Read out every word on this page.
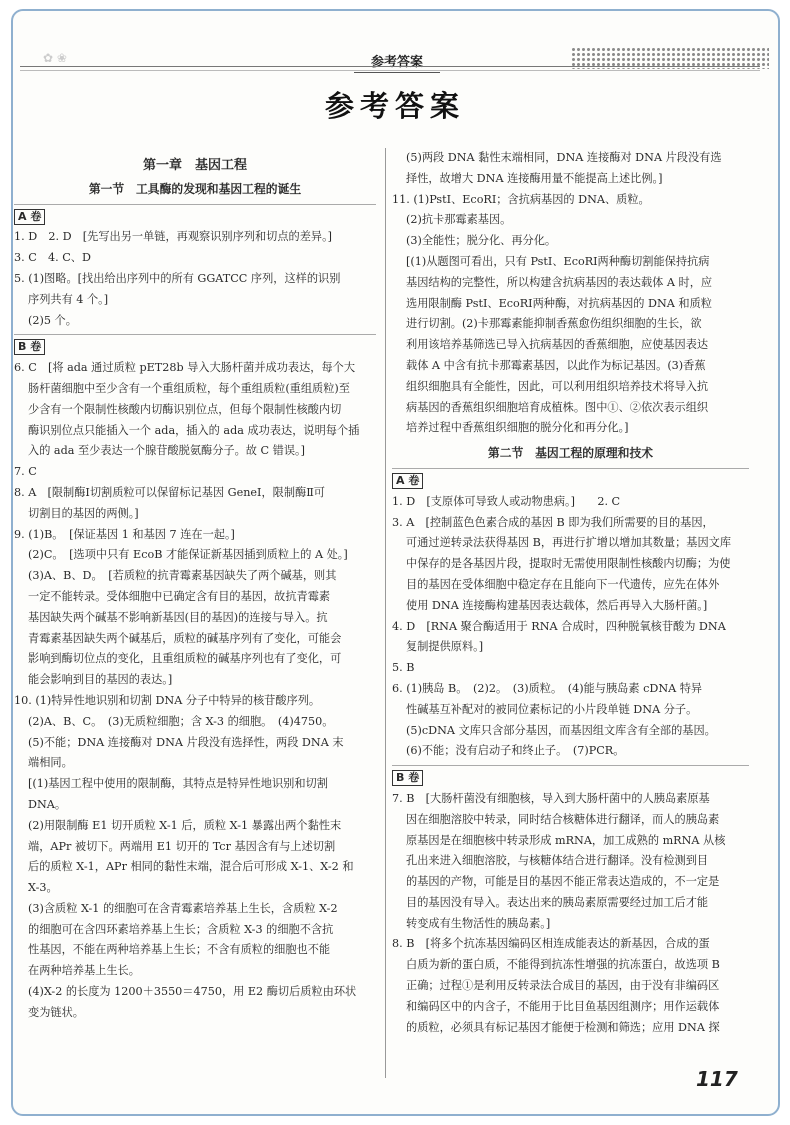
✿ ❀	参考答案
参考答案
第一章　基因工程
第一节　工具酶的发现和基因工程的诞生
A 卷
1. D　2. D　[先写出另一单链，再观察识别序列和切点的差异。]
3. C　4. C、D
5. (1)图略。[找出给出序列中的所有 GGATCC 序列，这样的识别
序列共有 4 个。]
(2)5 个。
B 卷
6. C　[将 ada 通过质粒 pET28b 导入大肠杆菌并成功表达，每个大
肠杆菌细胞中至少含有一个重组质粒，每个重组质粒(重组质粒)至
少含有一个限制性核酸内切酶识别位点，但每个限制性核酸内切
酶识别位点只能插入一个 ada，插入的 ada 成功表达，说明每个插
入的 ada 至少表达一个腺苷酸脱氨酶分子。故 C 错误。]
7. C
8. A　[限制酶Ⅰ切割质粒可以保留标记基因 GeneⅠ，限制酶Ⅱ可
切割目的基因的两侧。]
9. (1)B。　[保证基因 1 和基因 7 连在一起。]
(2)C。　[选项中只有 EcoB 才能保证新基因插到质粒上的 A 处。]
(3)A、B、D。　[若质粒的抗青霉素基因缺失了两个碱基，则其
一定不能转录。受体细胞中已确定含有目的基因，故抗青霉素
基因缺失两个碱基不影响新基因(目的基因)的连接与导入。抗
青霉素基因缺失两个碱基后，质粒的碱基序列有了变化，可能会
影响到酶切位点的变化，且重组质粒的碱基序列也有了变化，可
能会影响到目的基因的表达。]
10. (1)特异性地识别和切割 DNA 分子中特异的核苷酸序列。
(2)A、B、C。　(3)无质粒细胞；含 X-3 的细胞。　(4)4750。
(5)不能；DNA 连接酶对 DNA 片段没有选择性，两段 DNA 末
端相同。
[(1)基因工程中使用的限制酶，其特点是特异性地识别和切割
DNA。
(2)用限制酶 E1 切开质粒 X-1 后，质粒 X-1 暴露出两个黏性末
端，APr 被切下。两端用 E1 切开的 Tcr 基因含有与上述切割
后的质粒 X-1，APr 相同的黏性末端，混合后可形成 X-1、X-2 和
X-3。
(3)含质粒 X-1 的细胞可在含青霉素培养基上生长，含质粒 X-2
的细胞可在含四环素培养基上生长；含质粒 X-3 的细胞不含抗
性基因，不能在两种培养基上生长；不含有质粒的细胞也不能
在两种培养基上生长。
(4)X-2 的长度为 1200＋3550＝4750，用 E2 酶切后质粒由环状
变为链状。
(5)两段 DNA 黏性末端相同，DNA 连接酶对 DNA 片段没有选
择性，故增大 DNA 连接酶用量不能提高上述比例。]
11. (1)PstⅠ、EcoRⅠ；含抗病基因的 DNA、质粒。
(2)抗卡那霉素基因。
(3)全能性；脱分化、再分化。
[(1)从题图可看出，只有 PstⅠ、EcoRⅠ两种酶切割能保持抗病
基因结构的完整性，所以构建含抗病基因的表达载体 A 时，应
选用限制酶 PstⅠ、EcoRⅠ两种酶，对抗病基因的 DNA 和质粒
进行切割。(2)卡那霉素能抑制香蕉愈伤组织细胞的生长，欲
利用该培养基筛选已导入抗病基因的香蕉细胞，应使基因表达
载体 A 中含有抗卡那霉素基因，以此作为标记基因。(3)香蕉
组织细胞具有全能性，因此，可以利用组织培养技术将导入抗
病基因的香蕉组织细胞培育成植株。图中①、②依次表示组织
培养过程中香蕉组织细胞的脱分化和再分化。]
第二节　基因工程的原理和技术
A 卷
1. D　[支原体可导致人或动物患病。]　　2. C
3. A　[控制蓝色色素合成的基因 B 即为我们所需要的目的基因，
可通过逆转录法获得基因 B，再进行扩增以增加其数量；基因文库
中保存的是各基因片段，提取时无需使用限制性核酸内切酶；为使
目的基因在受体细胞中稳定存在且能向下一代遗传，应先在体外
使用 DNA 连接酶构建基因表达载体，然后再导入大肠杆菌。]
4. D　[RNA 聚合酶适用于 RNA 合成时，四种脱氧核苷酸为 DNA
复制提供原料。]
5. B
6. (1)胰岛 B。　(2)2。　(3)质粒。　(4)能与胰岛素 cDNA 特异
性碱基互补配对的被同位素标记的小片段单链 DNA 分子。
(5)cDNA 文库只含部分基因，而基因组文库含有全部的基因。
(6)不能；没有启动子和终止子。　(7)PCR。
B 卷
7. B　[大肠杆菌没有细胞核，导入到大肠杆菌中的人胰岛素原基
因在细胞溶胶中转录，同时结合核糖体进行翻译，而人的胰岛素
原基因是在细胞核中转录形成 mRNA，加工成熟的 mRNA 从核
孔出来进入细胞溶胶，与核糖体结合进行翻译。没有检测到目
的基因的产物，可能是目的基因不能正常表达造成的，不一定是
目的基因没有导入。表达出来的胰岛素原需要经过加工后才能
转变成有生物活性的胰岛素。]
8. B　[将多个抗冻基因编码区相连成能表达的新基因，合成的蛋
白质为新的蛋白质，不能得到抗冻性增强的抗冻蛋白，故选项 B
正确；过程①是利用反转录法合成目的基因，由于没有非编码区
和编码区中的内含子，不能用于比目鱼基因组测序；用作运载体
的质粒，必须具有标记基因才能便于检测和筛选；应用 DNA 探
117
